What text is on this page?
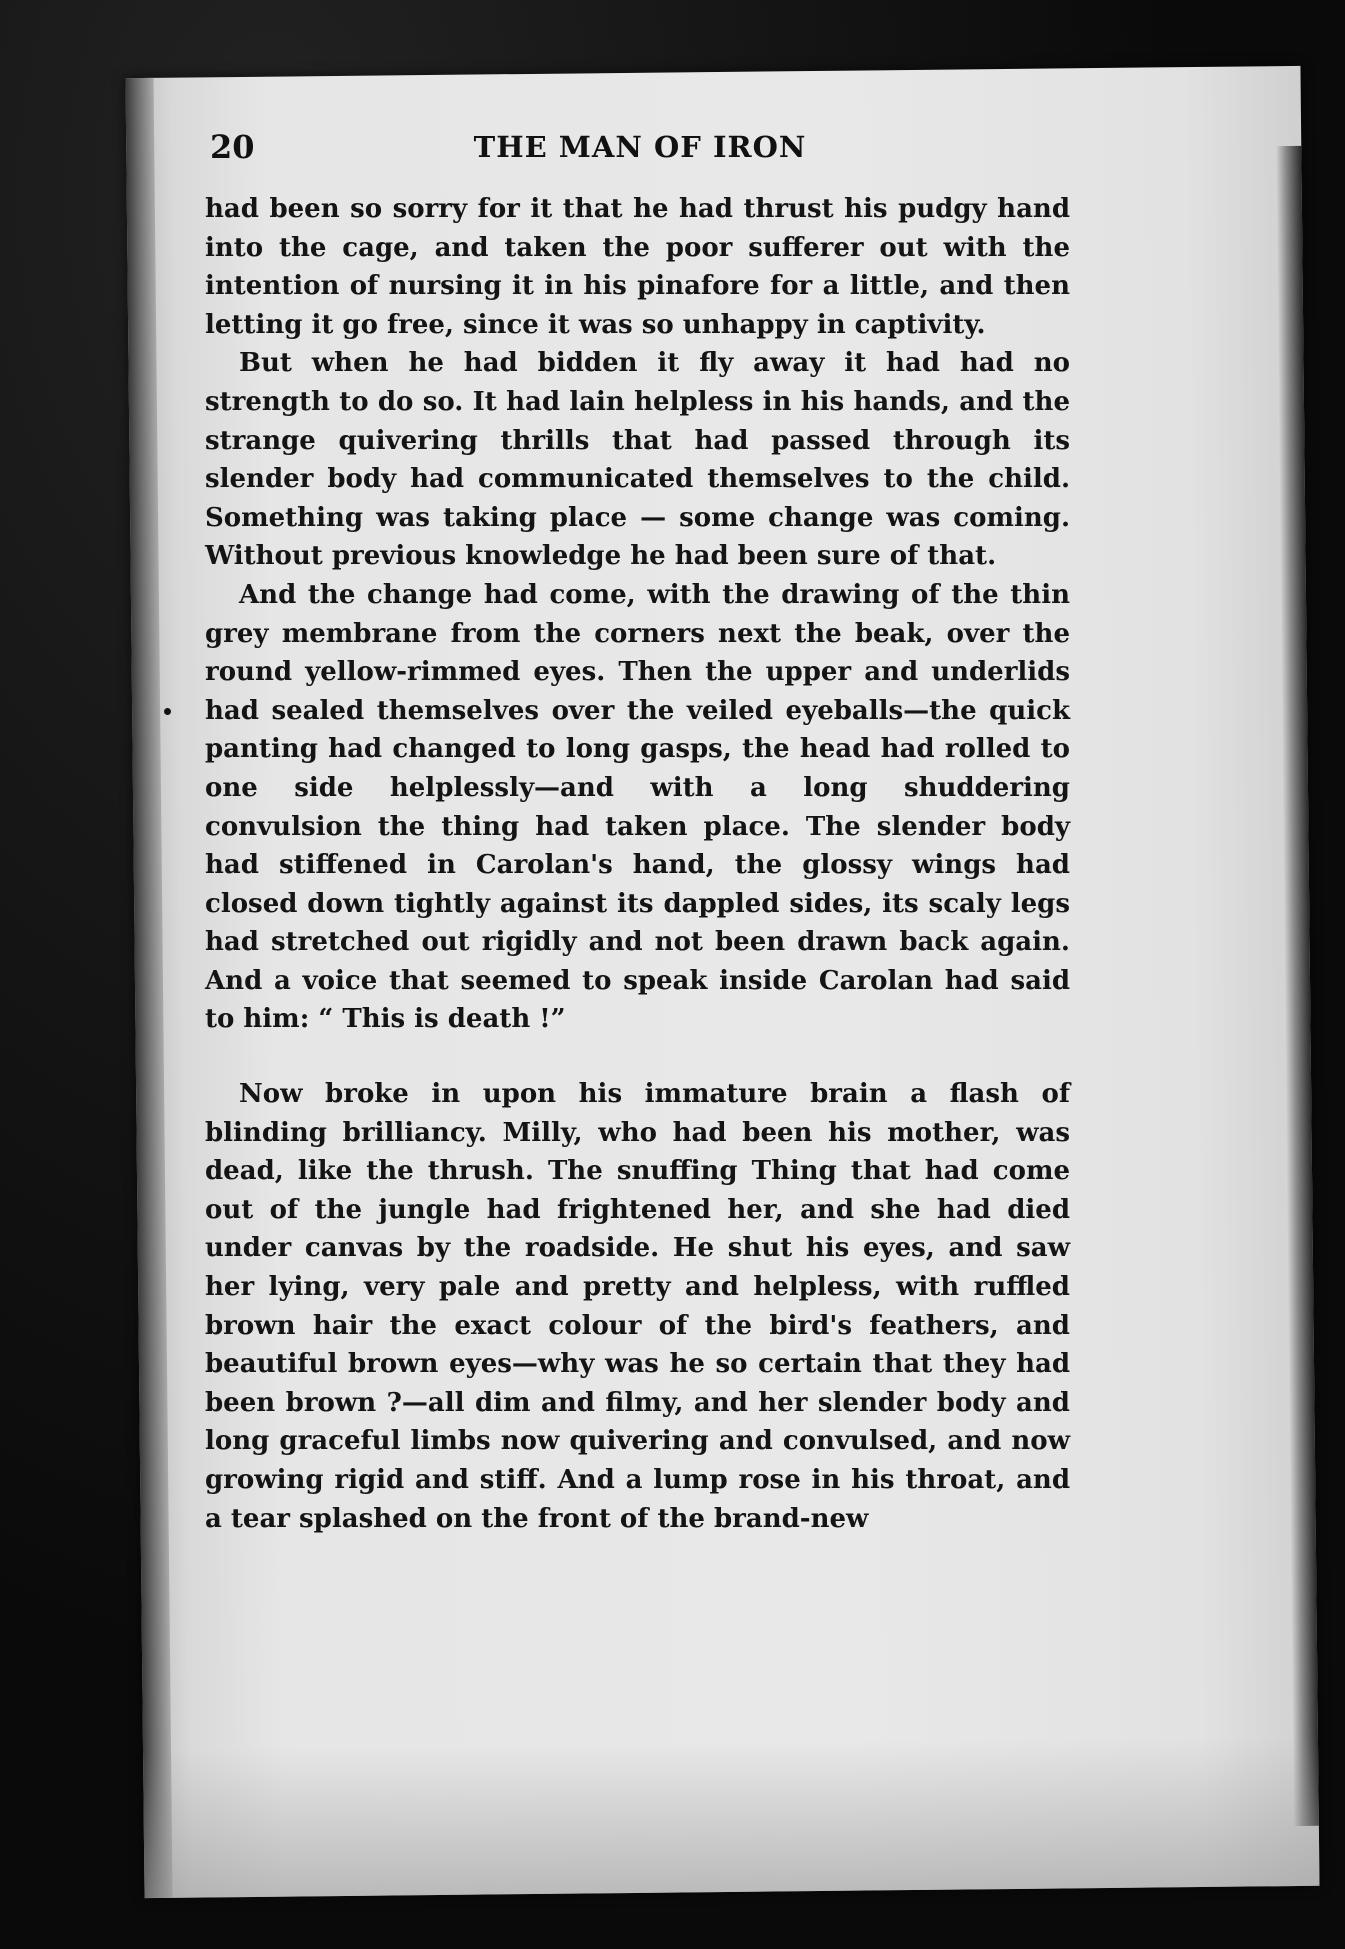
20	THE MAN OF IRON

had been so sorry for it that he had thrust his pudgy hand into the cage, and taken the poor sufferer out with the intention of nursing it in his pinafore for a little, and then letting it go free, since it was so unhappy in captivity.

But when he had bidden it fly away it had had no strength to do so. It had lain helpless in his hands, and the strange quivering thrills that had passed through its slender body had communicated themselves to the child. Something was taking place — some change was coming. Without previous knowledge he had been sure of that.

And the change had come, with the drawing of the thin grey membrane from the corners next the beak, over the round yellow-rimmed eyes. Then the upper and underlids had sealed themselves over the veiled eyeballs—the quick panting had changed to long gasps, the head had rolled to one side helplessly—and with a long shuddering convulsion the thing had taken place. The slender body had stiffened in Carolan's hand, the glossy wings had closed down tightly against its dappled sides, its scaly legs had stretched out rigidly and not been drawn back again. And a voice that seemed to speak inside Carolan had said to him: “ This is death !”

Now broke in upon his immature brain a flash of blinding brilliancy. Milly, who had been his mother, was dead, like the thrush. The snuffing Thing that had come out of the jungle had frightened her, and she had died under canvas by the roadside. He shut his eyes, and saw her lying, very pale and pretty and helpless, with ruffled brown hair the exact colour of the bird's feathers, and beautiful brown eyes—why was he so certain that they had been brown ?—all dim and filmy, and her slender body and long graceful limbs now quivering and convulsed, and now growing rigid and stiff. And a lump rose in his throat, and a tear splashed on the front of the brand-new
